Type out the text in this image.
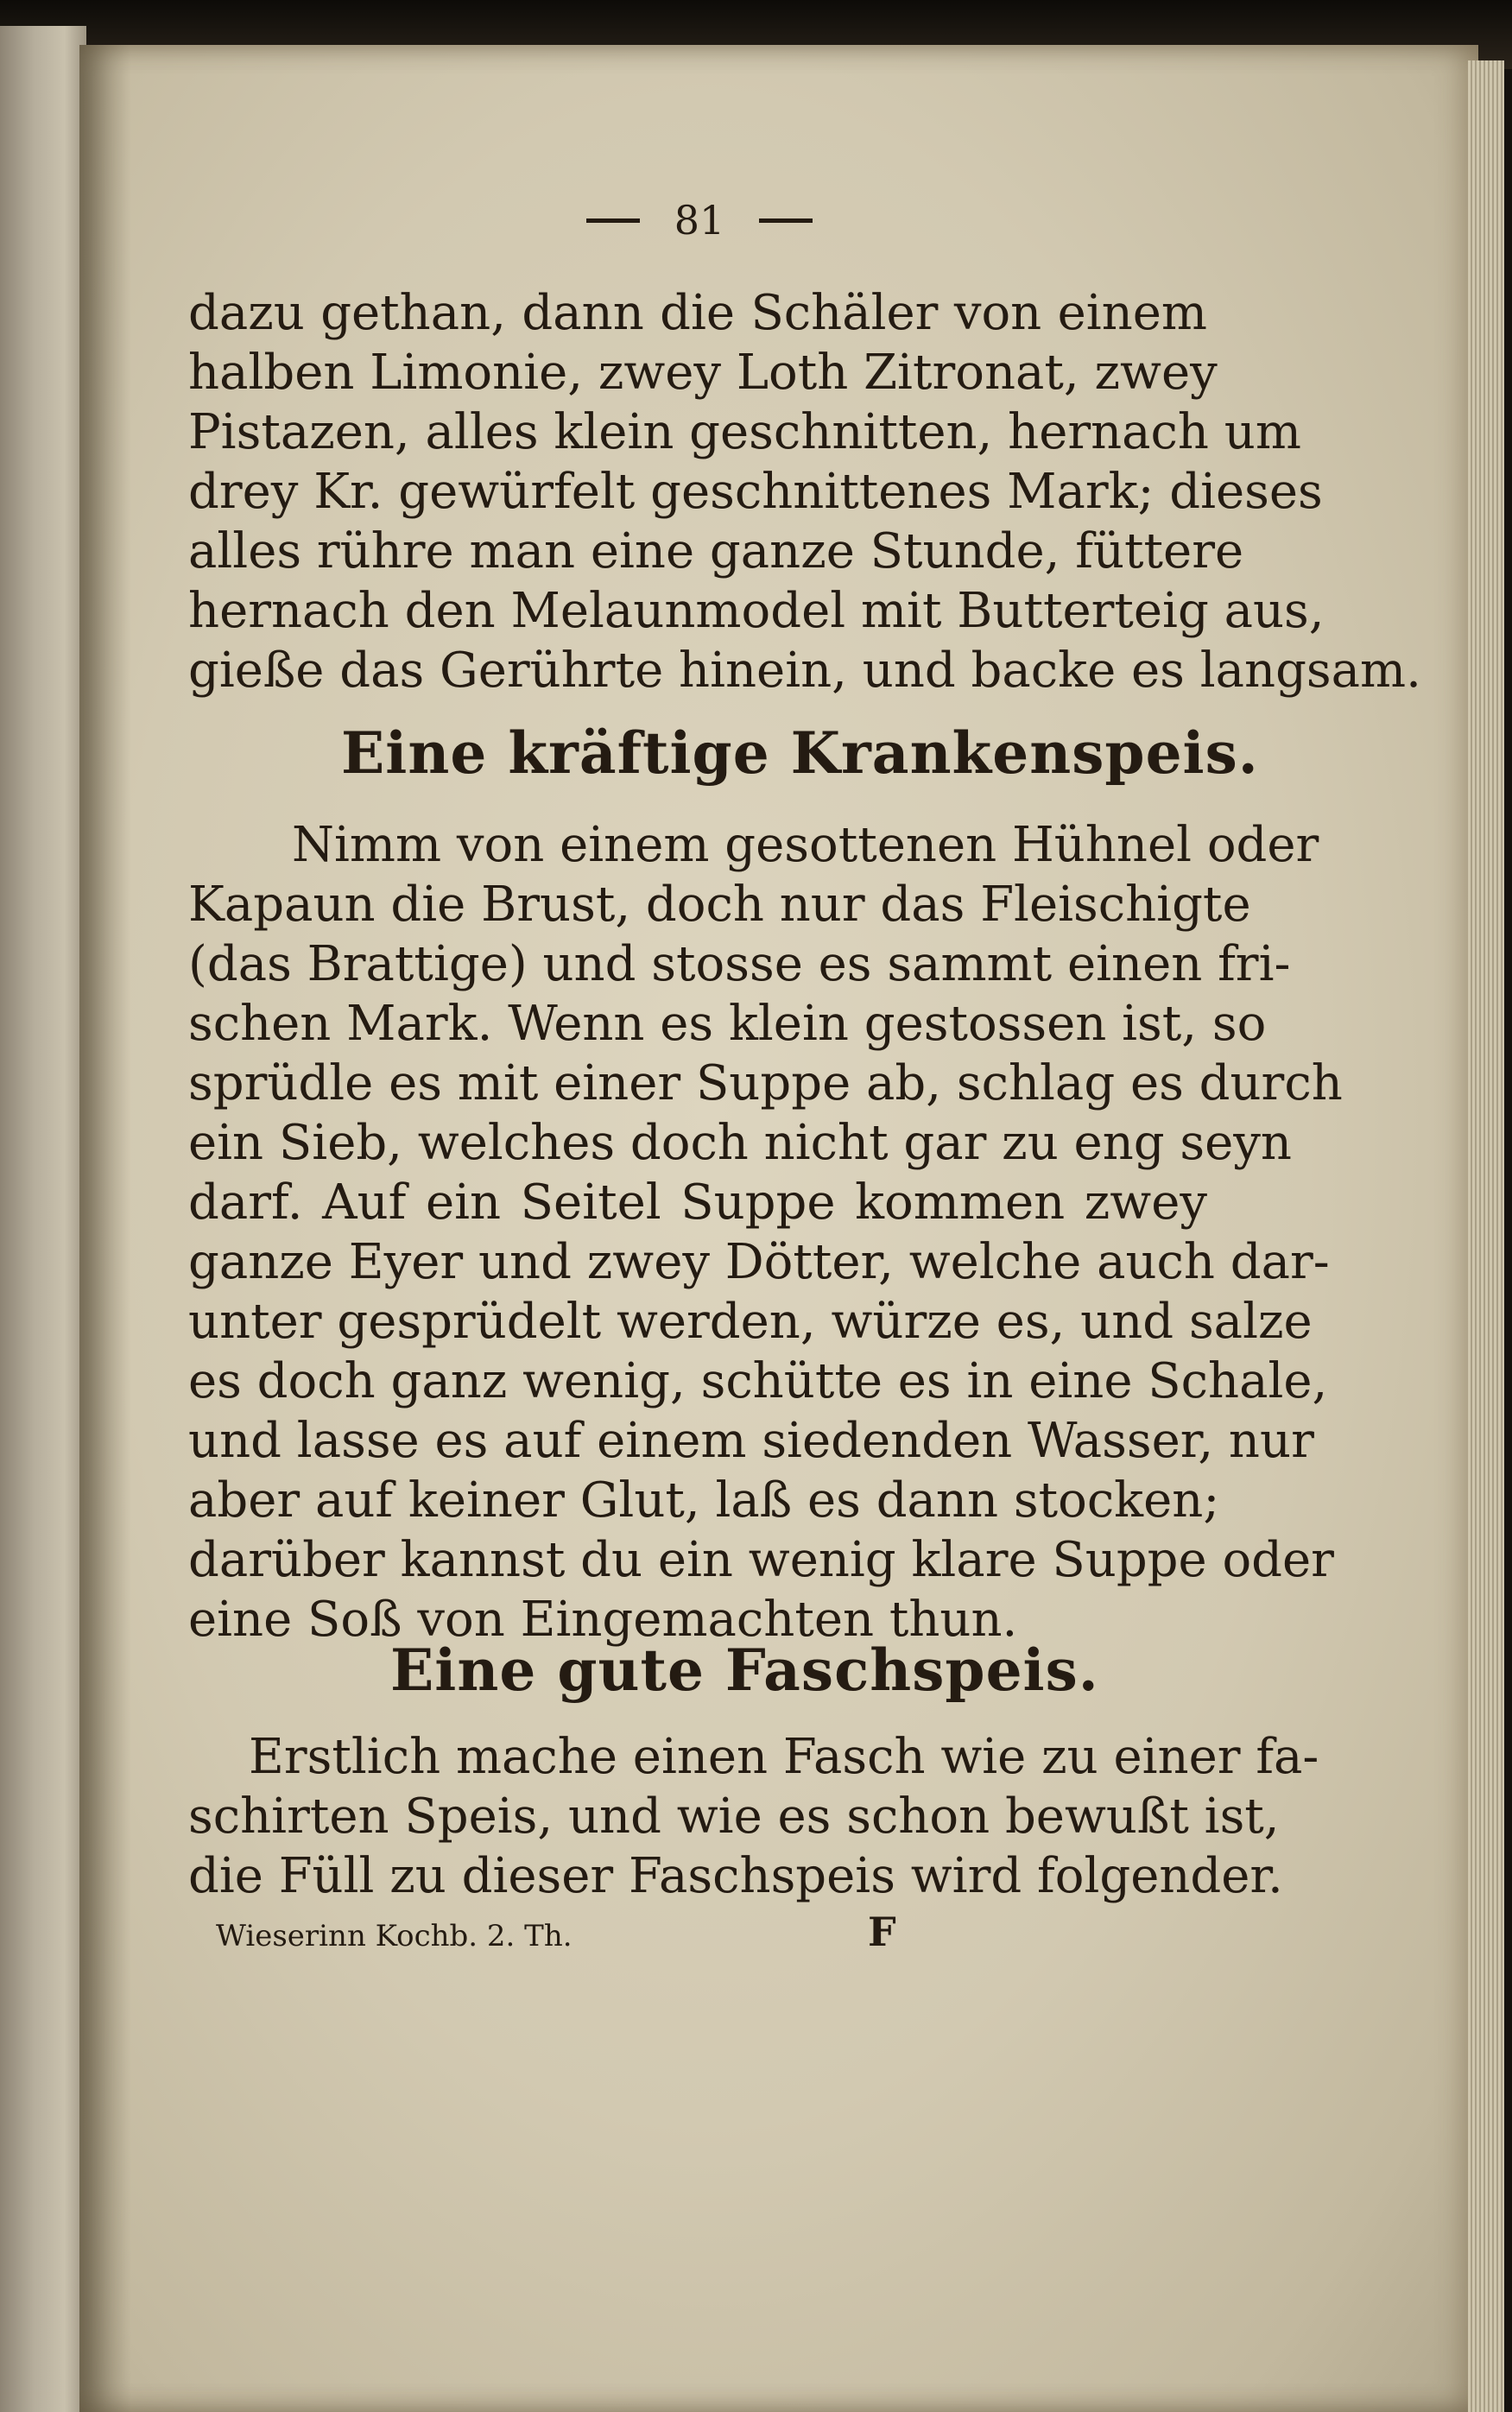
81
dazu gethan, dann die Schäler von einem
halben Limonie, zwey Loth Zitronat, zwey
Pistazen, alles klein geschnitten, hernach um
drey Kr. gewürfelt geschnittenes Mark; dieses
alles rühre man eine ganze Stunde, füttere
hernach den Melaunmodel mit Butterteig aus,
gieße das Gerührte hinein, und backe es langsam.
Eine kräftige Krankenspeis.
Nimm von einem gesottenen Hühnel oder
Kapaun die Brust, doch nur das Fleischigte
(das Brattige) und stosse es sammt einen fri-
schen Mark. Wenn es klein gestossen ist, so
sprüdle es mit einer Suppe ab, schlag es durch
ein Sieb, welches doch nicht gar zu eng seyn
darf. Auf ein Seitel Suppe kommen zwey
ganze Eyer und zwey Dötter, welche auch dar-
unter gesprüdelt werden, würze es, und salze
es doch ganz wenig, schütte es in eine Schale,
und lasse es auf einem siedenden Wasser, nur
aber auf keiner Glut, laß es dann stocken;
darüber kannst du ein wenig klare Suppe oder
eine Soß von Eingemachten thun.
Eine gute Faschspeis.
Erstlich mache einen Fasch wie zu einer fa-
schirten Speis, und wie es schon bewußt ist,
die Füll zu dieser Faschspeis wird folgender.
Wieserinn Kochb. 2. Th.	F
